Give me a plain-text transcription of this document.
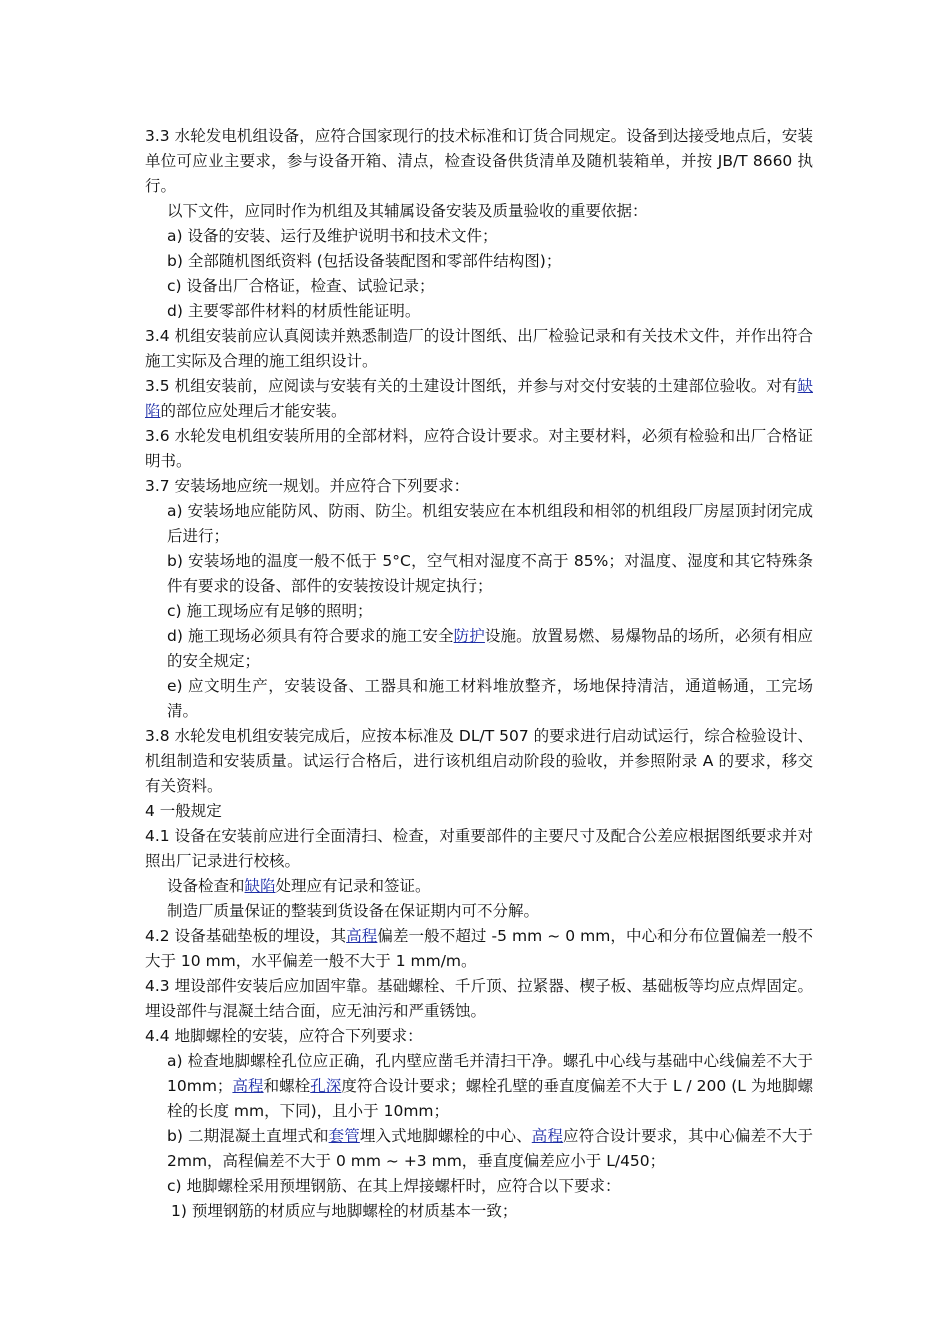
3.3 水轮发电机组设备，应符合国家现行的技术标准和订货合同规定。设备到达接受地点后，安装单位可应业主要求，参与设备开箱、清点，检查设备供货清单及随机装箱单，并按 JB/T 8660 执行。

以下文件，应同时作为机组及其辅属设备安装及质量验收的重要依据：

a) 设备的安装、运行及维护说明书和技术文件；

b) 全部随机图纸资料 (包括设备装配图和零部件结构图)；

c) 设备出厂合格证，检查、试验记录；

d) 主要零部件材料的材质性能证明。

3.4 机组安装前应认真阅读并熟悉制造厂的设计图纸、出厂检验记录和有关技术文件，并作出符合施工实际及合理的施工组织设计。

3.5 机组安装前，应阅读与安装有关的土建设计图纸，并参与对交付安装的土建部位验收。对有缺陷的部位应处理后才能安装。

3.6 水轮发电机组安装所用的全部材料，应符合设计要求。对主要材料，必须有检验和出厂合格证明书。

3.7 安装场地应统一规划。并应符合下列要求：

a) 安装场地应能防风、防雨、防尘。机组安装应在本机组段和相邻的机组段厂房屋顶封闭完成后进行；

b) 安装场地的温度一般不低于 5°C，空气相对湿度不高于 85%；对温度、湿度和其它特殊条件有要求的设备、部件的安装按设计规定执行；

c) 施工现场应有足够的照明；

d) 施工现场必须具有符合要求的施工安全防护设施。放置易燃、易爆物品的场所，必须有相应的安全规定；

e) 应文明生产，安装设备、工器具和施工材料堆放整齐，场地保持清洁，通道畅通，工完场清。

3.8 水轮发电机组安装完成后，应按本标准及 DL/T 507 的要求进行启动试运行，综合检验设计、机组制造和安装质量。试运行合格后，进行该机组启动阶段的验收，并参照附录 A 的要求，移交有关资料。

4 一般规定

4.1 设备在安装前应进行全面清扫、检查，对重要部件的主要尺寸及配合公差应根据图纸要求并对照出厂记录进行校核。

设备检查和缺陷处理应有记录和签证。

制造厂质量保证的整装到货设备在保证期内可不分解。

4.2 设备基础垫板的埋设，其高程偏差一般不超过 -5 mm ~ 0 mm，中心和分布位置偏差一般不大于 10 mm，水平偏差一般不大于 1 mm/m。

4.3 埋设部件安装后应加固牢靠。基础螺栓、千斤顶、拉紧器、楔子板、基础板等均应点焊固定。埋设部件与混凝土结合面，应无油污和严重锈蚀。

4.4 地脚螺栓的安装，应符合下列要求：

a) 检查地脚螺栓孔位应正确，孔内壁应凿毛并清扫干净。螺孔中心线与基础中心线偏差不大于 10mm；高程和螺栓孔深度符合设计要求；螺栓孔壁的垂直度偏差不大于 L / 200 (L 为地脚螺栓的长度 mm，下同)，且小于 10mm；

b) 二期混凝土直埋式和套管埋入式地脚螺栓的中心、高程应符合设计要求，其中心偏差不大于 2mm，高程偏差不大于 0 mm ~ +3 mm，垂直度偏差应小于 L/450；

c) 地脚螺栓采用预埋钢筋、在其上焊接螺杆时，应符合以下要求：

1) 预埋钢筋的材质应与地脚螺栓的材质基本一致；
